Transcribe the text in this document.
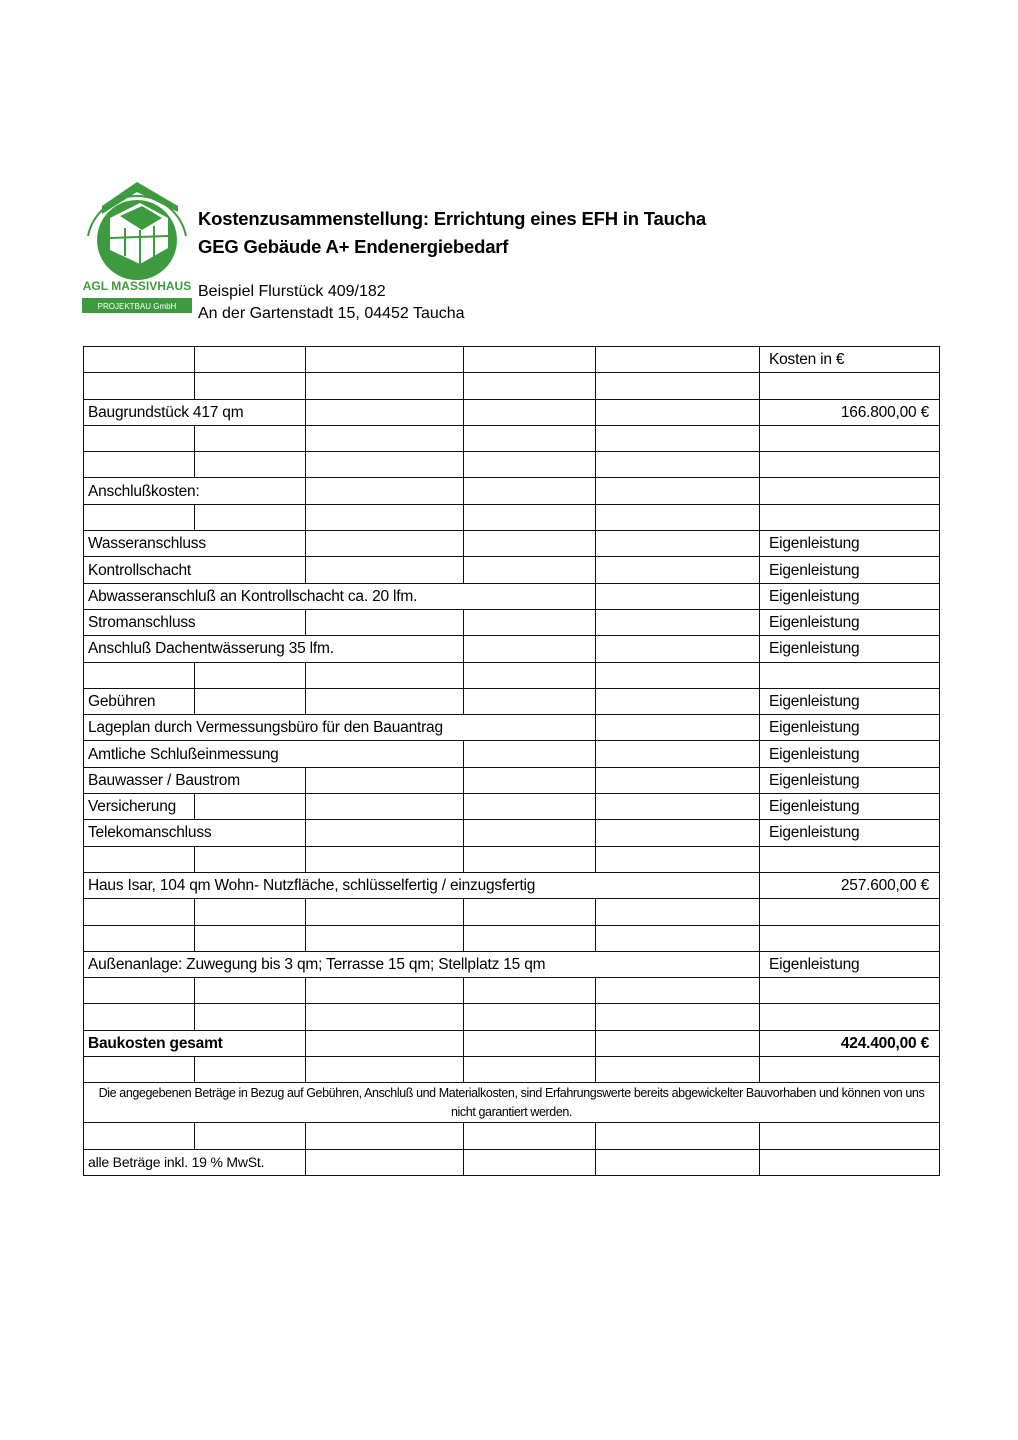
AGL MASSIVHAUS
PROJEKTBAU GmbH
Kostenzusammenstellung: Errichtung eines EFH in Taucha
GEG Gebäude A+ Endenergiebedarf
Beispiel Flurstück 409/182
An der Gartenstadt 15, 04452 Taucha
					Kosten in €

Baugrundstück 417 qm					166.800,00 €

Anschlußkosten:					

Wasseranschluss					Eigenleistung
Kontrollschacht					Eigenleistung
Abwasseranschluß an Kontrollschacht ca. 20 lfm.					Eigenleistung
Stromanschluss					Eigenleistung
Anschluß Dachentwässerung 35 lfm.					Eigenleistung

Gebühren					Eigenleistung
Lageplan durch Vermessungsbüro für den Bauantrag					Eigenleistung
Amtliche Schlußeinmessung					Eigenleistung
Bauwasser / Baustrom					Eigenleistung
Versicherung					Eigenleistung
Telekomanschluss					Eigenleistung

Haus Isar, 104 qm Wohn- Nutzfläche, schlüsselfertig / einzugsfertig					257.600,00 €

Außenanlage: Zuwegung bis 3 qm; Terrasse 15 qm; Stellplatz 15 qm					Eigenleistung

Baukosten gesamt					424.400,00 €

Die angegebenen Beträge in Bezug auf Gebühren, Anschluß und Materialkosten, sind Erfahrungswerte bereits abgewickelter Bauvorhaben und können von uns nicht garantiert werden.					

alle Beträge inkl. 19 % MwSt.					
